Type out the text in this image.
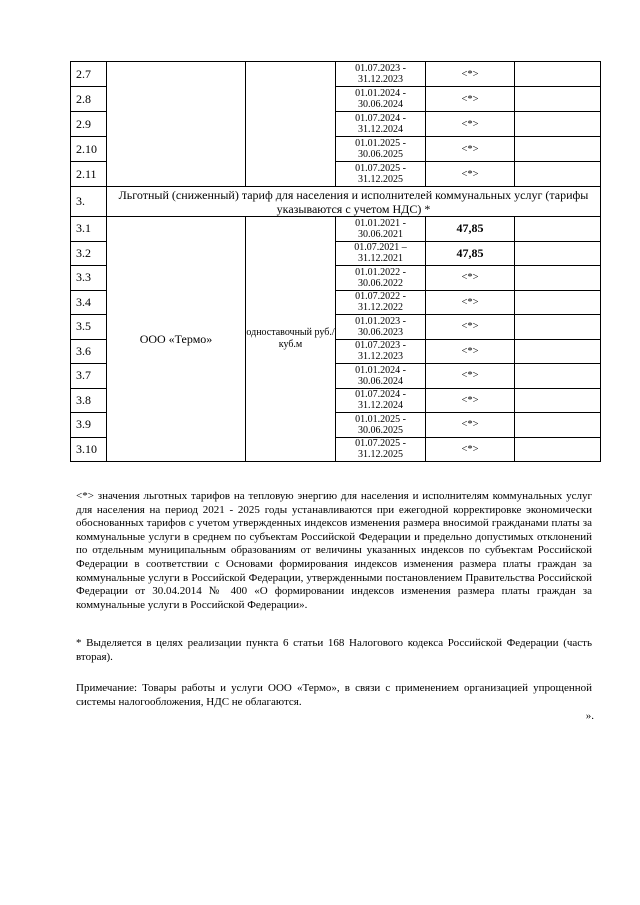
2.7			01.07.2023 - 31.12.2023	<*>	
2.8			01.01.2024 - 30.06.2024	<*>	
2.9			01.07.2024 - 31.12.2024	<*>	
2.10			01.01.2025 - 30.06.2025	<*>	
2.11			01.07.2025 - 31.12.2025	<*>	
3.	Льготный (сниженный) тариф для населения и исполнителей коммунальных услуг (тарифы указываются с учетом НДС) *				
3.1	ООО «Термо»	одноставочный руб./куб.м	01.01.2021 - 30.06.2021	47,85	
3.2			01.07.2021 – 31.12.2021	47,85	
3.3			01.01.2022 - 30.06.2022	<*>	
3.4			01.07.2022 - 31.12.2022	<*>	
3.5			01.01.2023 - 30.06.2023	<*>	
3.6			01.07.2023 - 31.12.2023	<*>	
3.7			01.01.2024 - 30.06.2024	<*>	
3.8			01.07.2024 - 31.12.2024	<*>	
3.9			01.01.2025 - 30.06.2025	<*>	
3.10			01.07.2025 - 31.12.2025	<*>	

<*> значения льготных тарифов на тепловую энергию для населения и исполнителям коммунальных услуг для населения на период 2021 - 2025 годы устанавливаются при ежегодной корректировке экономически обоснованных тарифов с учетом утвержденных индексов изменения размера вносимой гражданами платы за коммунальные услуги в среднем по субъектам Российской Федерации и предельно допустимых отклонений по отдельным муниципальным образованиям от величины указанных индексов по субъектам Российской Федерации в соответствии с Основами формирования индексов изменения размера платы граждан за коммунальные услуги в Российской Федерации, утвержденными постановлением Правительства Российской Федерации от 30.04.2014 № 400 «О формировании индексов изменения размера платы граждан за коммунальные услуги в Российской Федерации».

* Выделяется в целях реализации пункта 6 статьи 168 Налогового кодекса Российской Федерации (часть вторая).

Примечание: Товары работы и услуги ООО «Термо», в связи с применением организацией упрощенной системы налогообложения, НДС не облагаются.

».
